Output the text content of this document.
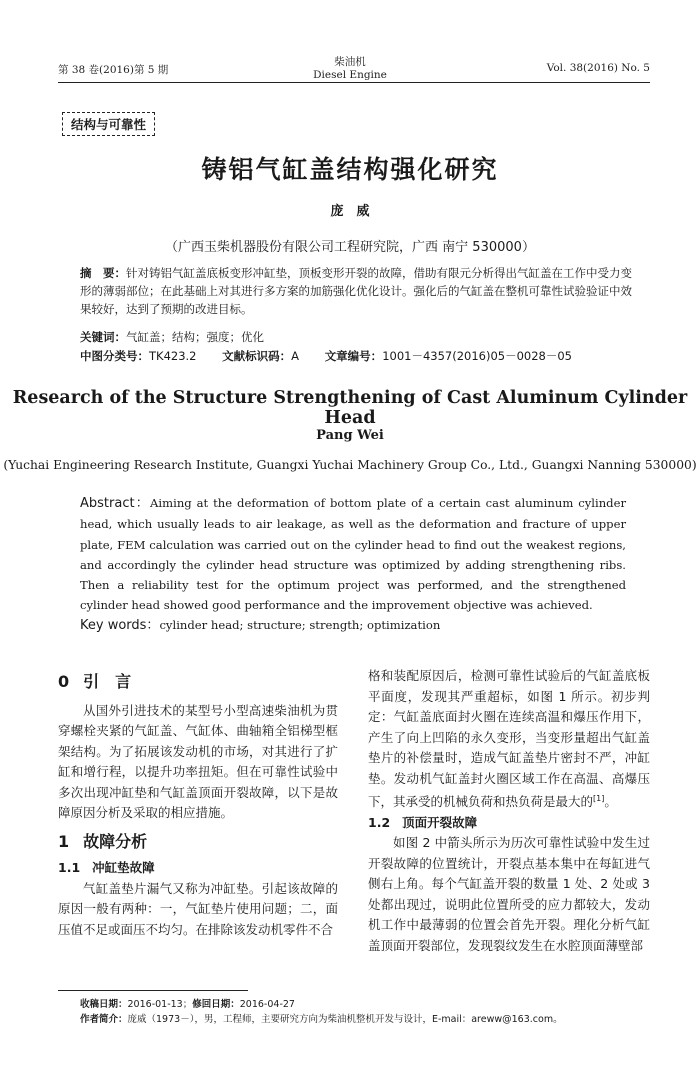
第 38 卷(2016)第 5 期
柴油机
Diesel Engine
Vol. 38(2016) No. 5
结构与可靠性
铸铝气缸盖结构强化研究
庞　威
（广西玉柴机器股份有限公司工程研究院，广西 南宁 530000）
摘　要：针对铸铝气缸盖底板变形冲缸垫，顶板变形开裂的故障，借助有限元分析得出气缸盖在工作中受力变形的薄弱部位；在此基础上对其进行多方案的加筋强化优化设计。强化后的气缸盖在整机可靠性试验验证中效果较好，达到了预期的改进目标。
关键词：气缸盖；结构；强度；优化
中图分类号：TK423.2 文献标识码：A 文章编号：1001－4357(2016)05－0028－05
Research of the Structure Strengthening of Cast Aluminum Cylinder Head
Pang Wei
(Yuchai Engineering Research Institute, Guangxi Yuchai Machinery Group Co., Ltd., Guangxi Nanning 530000)
Abstract：Aiming at the deformation of bottom plate of a certain cast aluminum cylinder head, which usually leads to air leakage, as well as the deformation and fracture of upper plate, FEM calculation was carried out on the cylinder head to find out the weakest regions, and accordingly the cylinder head structure was optimized by adding strengthening ribs. Then a reliability test for the optimum project was performed, and the strengthened cylinder head showed good performance and the improvement objective was achieved.
Key words：cylinder head; structure; strength; optimization
0 引　言

从国外引进技术的某型号小型高速柴油机为贯穿螺栓夹紧的气缸盖、气缸体、曲轴箱全铝梯型框架结构。为了拓展该发动机的市场，对其进行了扩缸和增行程，以提升功率扭矩。但在可靠性试验中多次出现冲缸垫和气缸盖顶面开裂故障，以下是故障原因分析及采取的相应措施。

1 故障分析
1.1 冲缸垫故障

气缸盖垫片漏气又称为冲缸垫。引起该故障的原因一般有两种：一，气缸垫片使用问题；二，面压值不足或面压不均匀。在排除该发动机零件不合

格和装配原因后，检测可靠性试验后的气缸盖底板平面度，发现其严重超标，如图 1 所示。初步判定：气缸盖底面封火圈在连续高温和爆压作用下，产生了向上凹陷的永久变形，当变形量超出气缸盖垫片的补偿量时，造成气缸盖垫片密封不严，冲缸垫。发动机气缸盖封火圈区域工作在高温、高爆压下，其承受的机械负荷和热负荷是最大的[1]。

1.2 顶面开裂故障

如图 2 中箭头所示为历次可靠性试验中发生过开裂故障的位置统计，开裂点基本集中在每缸进气侧右上角。每个气缸盖开裂的数量 1 处、2 处或 3 处都出现过，说明此位置所受的应力都较大，发动机工作中最薄弱的位置会首先开裂。理化分析气缸盖顶面开裂部位，发现裂纹发生在水腔顶面薄壁部

收稿日期：2016-01-13；修回日期：2016-04-27
作者简介：庞威（1973－），男，工程师，主要研究方向为柴油机整机开发与设计，E-mail：areww@163.com。
